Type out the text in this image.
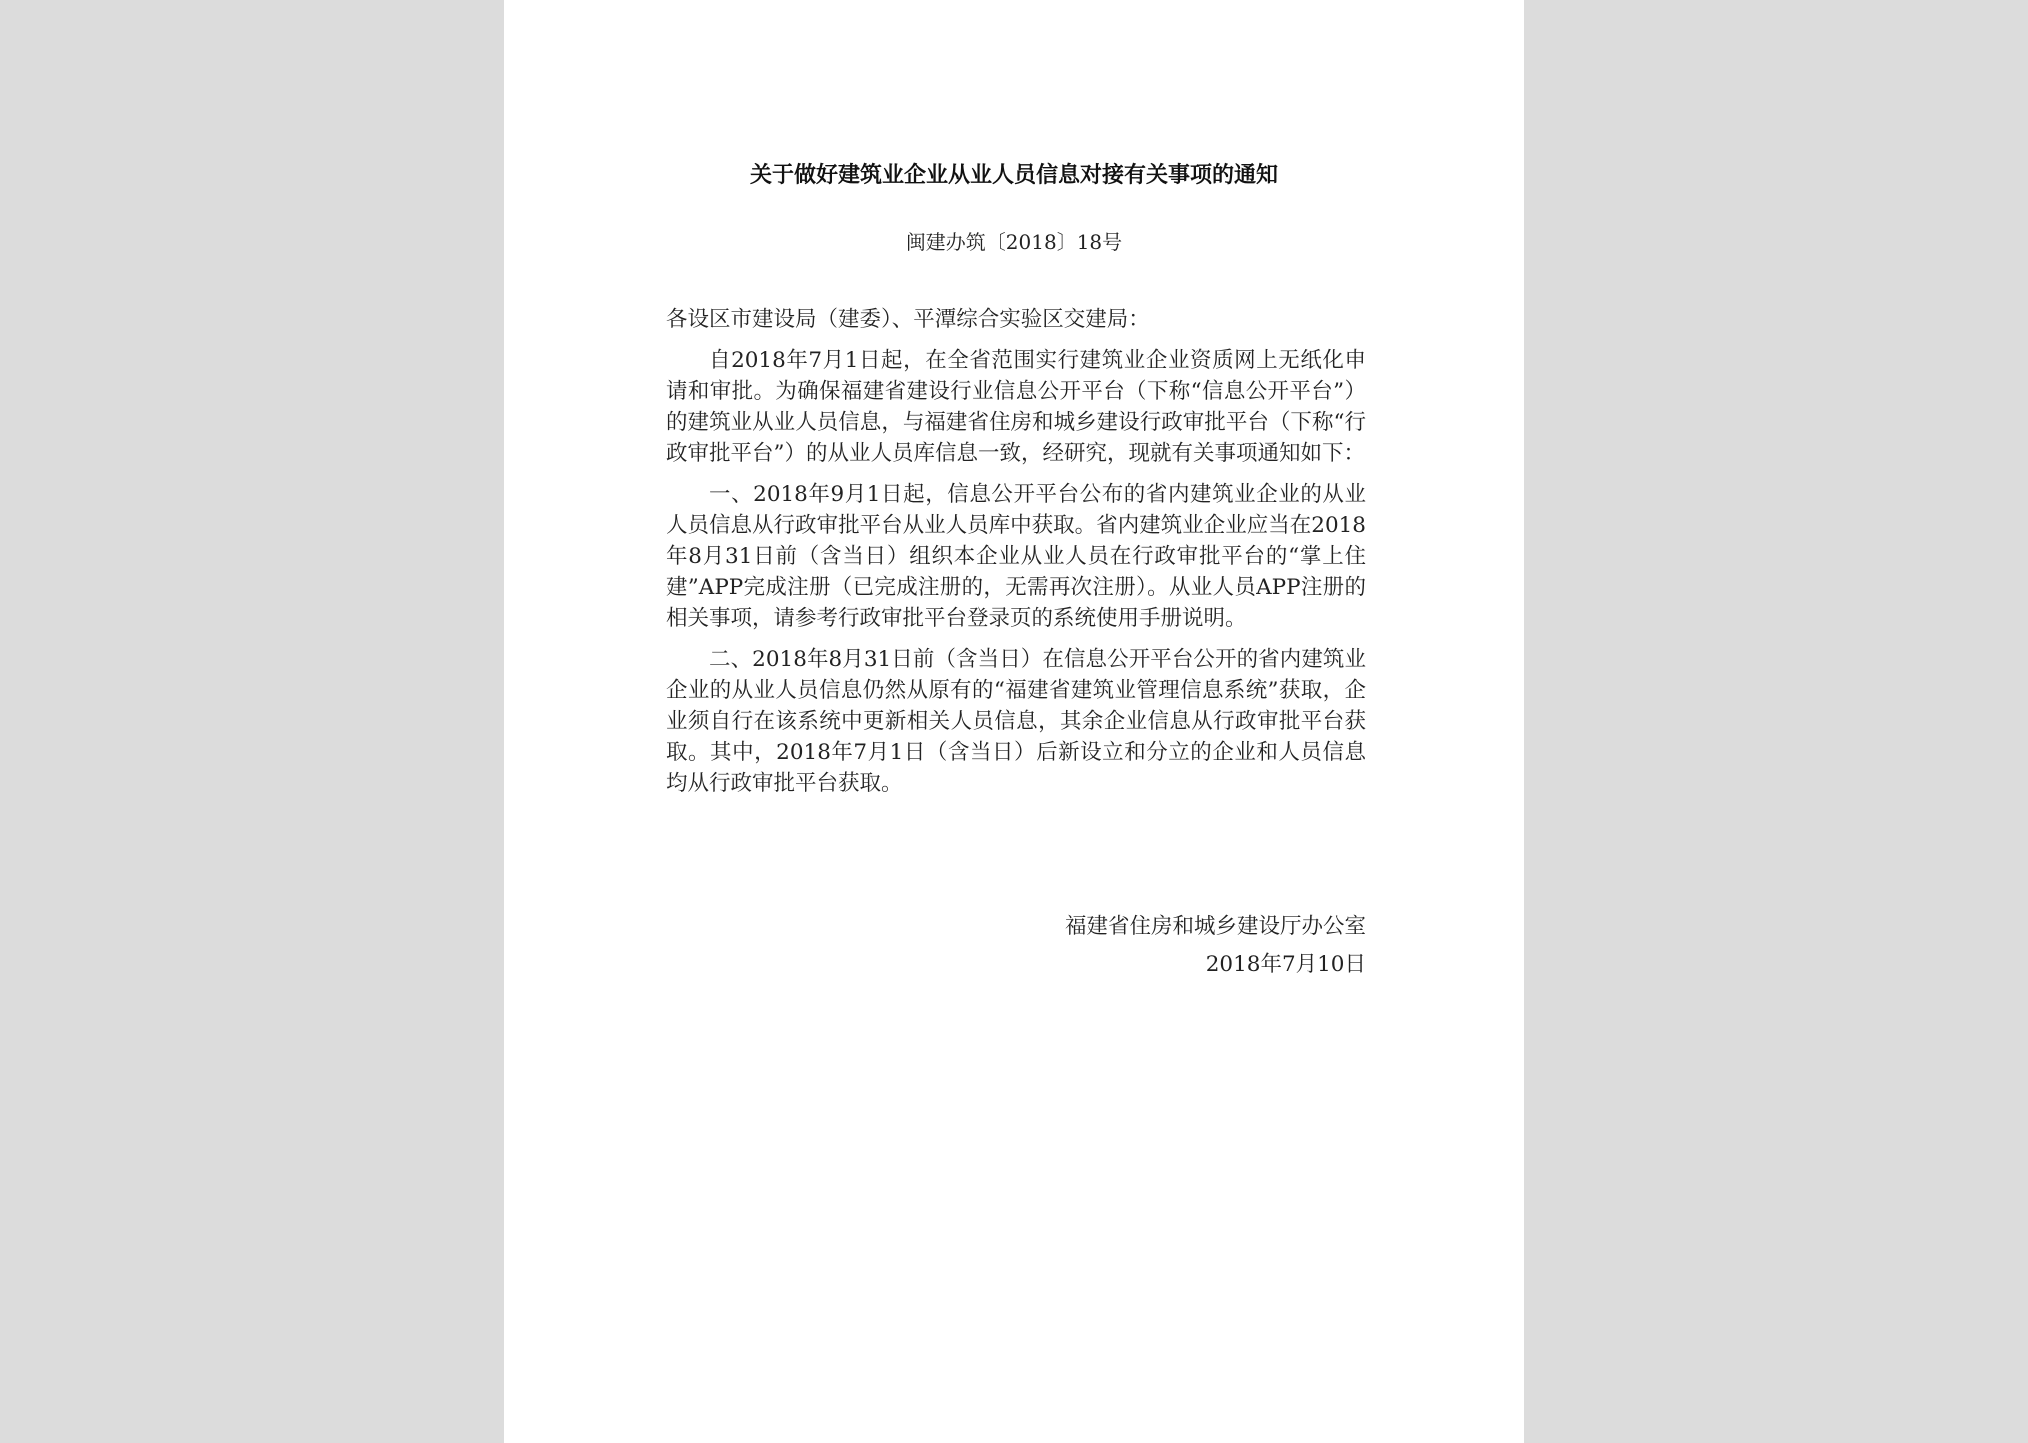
关于做好建筑业企业从业人员信息对接有关事项的通知
闽建办筑〔2018〕18号

各设区市建设局（建委）、平潭综合实验区交建局：

自2018年7月1日起，在全省范围实行建筑业企业资质网上无纸化申请和审批。为确保福建省建设行业信息公开平台（下称“信息公开平台”）的建筑业从业人员信息，与福建省住房和城乡建设行政审批平台（下称“行政审批平台”）的从业人员库信息一致，经研究，现就有关事项通知如下：

一、2018年9月1日起，信息公开平台公布的省内建筑业企业的从业人员信息从行政审批平台从业人员库中获取。省内建筑业企业应当在2018年8月31日前（含当日）组织本企业从业人员在行政审批平台的“掌上住建”APP完成注册（已完成注册的，无需再次注册）。从业人员APP注册的相关事项，请参考行政审批平台登录页的系统使用手册说明。

二、2018年8月31日前（含当日）在信息公开平台公开的省内建筑业企业的从业人员信息仍然从原有的“福建省建筑业管理信息系统”获取，企业须自行在该系统中更新相关人员信息，其余企业信息从行政审批平台获取。其中，2018年7月1日（含当日）后新设立和分立的企业和人员信息均从行政审批平台获取。

福建省住房和城乡建设厅办公室
2018年7月10日
